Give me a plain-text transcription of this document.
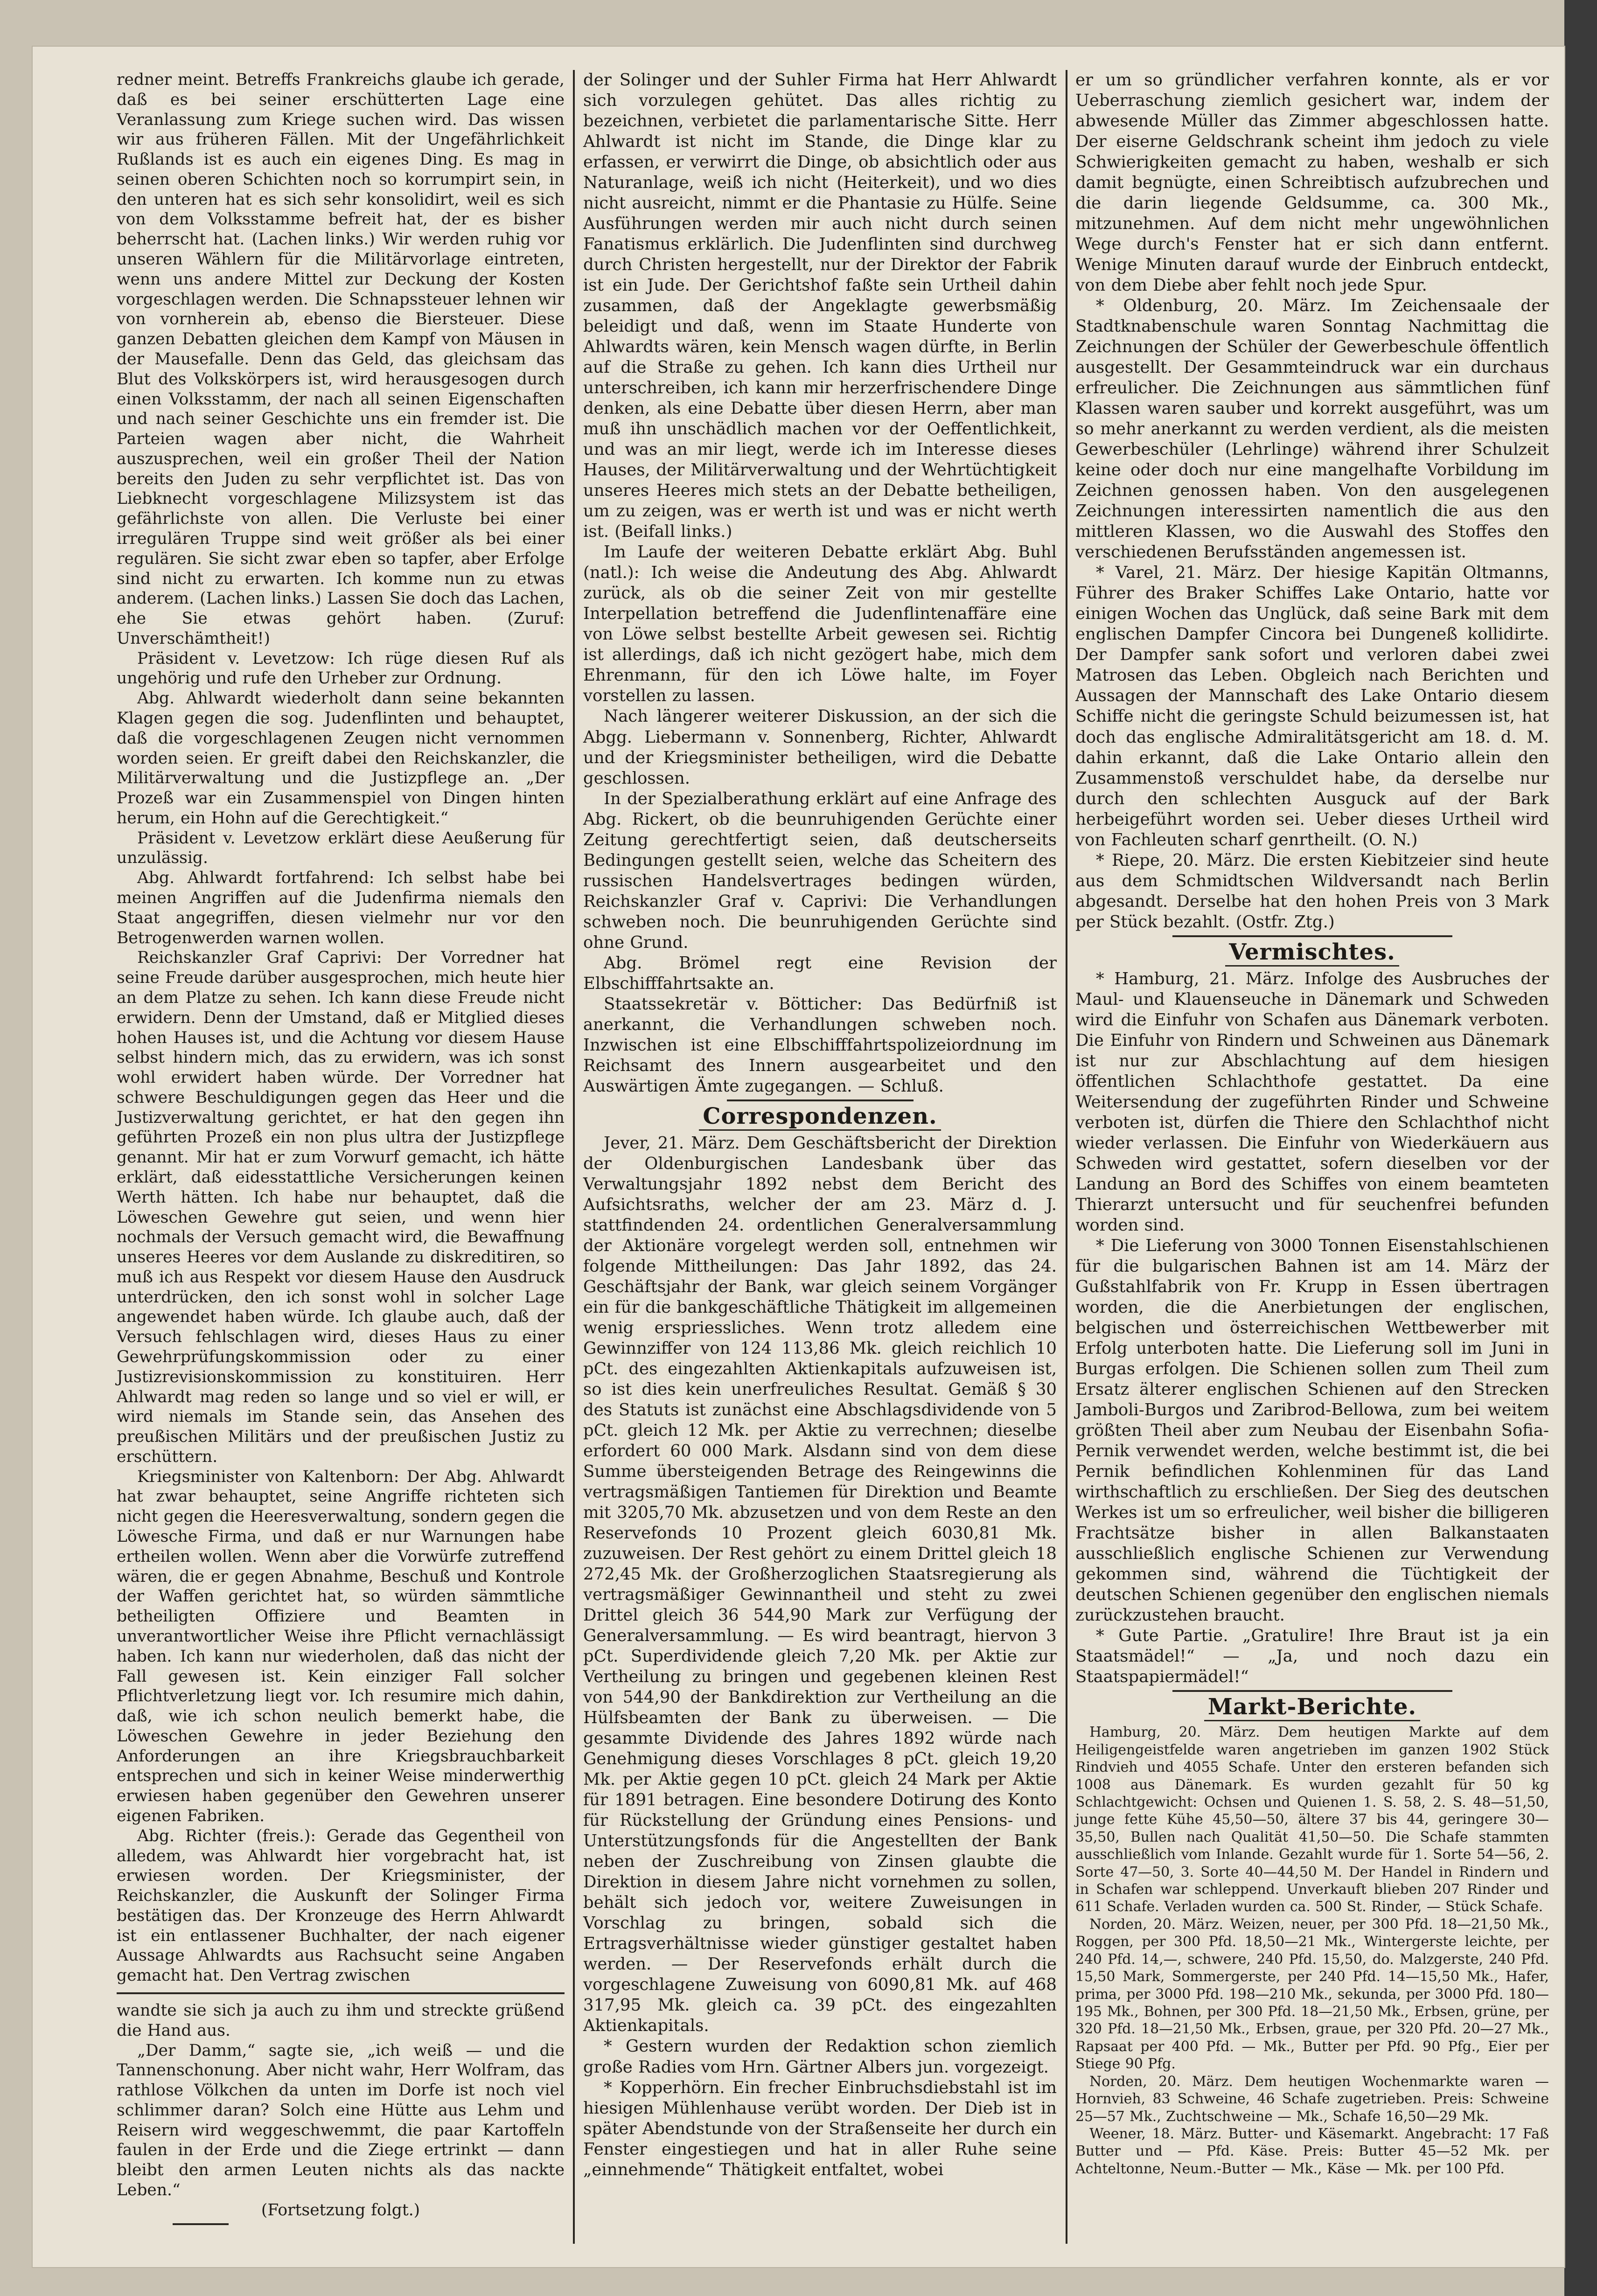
redner meint. Betreffs Frankreichs glaube ich gerade, daß es bei seiner erschütterten Lage eine Veranlassung zum Kriege suchen wird. Das wissen wir aus früheren Fällen. Mit der Ungefährlichkeit Rußlands ist es auch ein eigenes Ding. Es mag in seinen oberen Schichten noch so korrumpirt sein, in den unteren hat es sich sehr konsolidirt, weil es sich von dem Volksstamme befreit hat, der es bisher beherrscht hat. (Lachen links.) Wir werden ruhig vor unseren Wählern für die Militärvorlage eintreten, wenn uns andere Mittel zur Deckung der Kosten vorgeschlagen werden. Die Schnapssteuer lehnen wir von vornherein ab, ebenso die Biersteuer. Diese ganzen Debatten gleichen dem Kampf von Mäusen in der Mausefalle. Denn das Geld, das gleichsam das Blut des Volkskörpers ist, wird herausgesogen durch einen Volksstamm, der nach all seinen Eigenschaften und nach seiner Geschichte uns ein fremder ist. Die Parteien wagen aber nicht, die Wahrheit auszusprechen, weil ein großer Theil der Nation bereits den Juden zu sehr verpflichtet ist. Das von Liebknecht vorgeschlagene Milizsystem ist das gefährlichste von allen. Die Verluste bei einer irregulären Truppe sind weit größer als bei einer regulären. Sie sicht zwar eben so tapfer, aber Erfolge sind nicht zu erwarten. Ich komme nun zu etwas anderem. (Lachen links.) Lassen Sie doch das Lachen, ehe Sie etwas gehört haben. (Zuruf: Unverschämtheit!)

Präsident v. Levetzow: Ich rüge diesen Ruf als ungehörig und rufe den Urheber zur Ordnung.

Abg. Ahlwardt wiederholt dann seine bekannten Klagen gegen die sog. Judenflinten und behauptet, daß die vorgeschlagenen Zeugen nicht vernommen worden seien. Er greift dabei den Reichskanzler, die Militärverwaltung und die Justizpflege an. „Der Prozeß war ein Zusammenspiel von Dingen hinten herum, ein Hohn auf die Gerechtigkeit.“

Präsident v. Levetzow erklärt diese Aeußerung für unzulässig.

Abg. Ahlwardt fortfahrend: Ich selbst habe bei meinen Angriffen auf die Judenfirma niemals den Staat angegriffen, diesen vielmehr nur vor den Betrogenwerden warnen wollen.

Reichskanzler Graf Caprivi: Der Vorredner hat seine Freude darüber ausgesprochen, mich heute hier an dem Platze zu sehen. Ich kann diese Freude nicht erwidern. Denn der Umstand, daß er Mitglied dieses hohen Hauses ist, und die Achtung vor diesem Hause selbst hindern mich, das zu erwidern, was ich sonst wohl erwidert haben würde. Der Vorredner hat schwere Beschuldigungen gegen das Heer und die Justizverwaltung gerichtet, er hat den gegen ihn geführten Prozeß ein non plus ultra der Justizpflege genannt. Mir hat er zum Vorwurf gemacht, ich hätte erklärt, daß eidesstattliche Versicherungen keinen Werth hätten. Ich habe nur behauptet, daß die Löweschen Gewehre gut seien, und wenn hier nochmals der Versuch gemacht wird, die Bewaffnung unseres Heeres vor dem Auslande zu diskreditiren, so muß ich aus Respekt vor diesem Hause den Ausdruck unterdrücken, den ich sonst wohl in solcher Lage angewendet haben würde. Ich glaube auch, daß der Versuch fehlschlagen wird, dieses Haus zu einer Gewehrprüfungskommission oder zu einer Justizrevisionskommission zu konstituiren. Herr Ahlwardt mag reden so lange und so viel er will, er wird niemals im Stande sein, das Ansehen des preußischen Militärs und der preußischen Justiz zu erschüttern.

Kriegsminister von Kaltenborn: Der Abg. Ahlwardt hat zwar behauptet, seine Angriffe richteten sich nicht gegen die Heeresverwaltung, sondern gegen die Löwesche Firma, und daß er nur Warnungen habe ertheilen wollen. Wenn aber die Vorwürfe zutreffend wären, die er gegen Abnahme, Beschuß und Kontrole der Waffen gerichtet hat, so würden sämmtliche betheiligten Offiziere und Beamten in unverantwortlicher Weise ihre Pflicht vernachlässigt haben. Ich kann nur wiederholen, daß das nicht der Fall gewesen ist. Kein einziger Fall solcher Pflichtverletzung liegt vor. Ich resumire mich dahin, daß, wie ich schon neulich bemerkt habe, die Löweschen Gewehre in jeder Beziehung den Anforderungen an ihre Kriegsbrauchbarkeit entsprechen und sich in keiner Weise minderwerthig erwiesen haben gegenüber den Gewehren unserer eigenen Fabriken.

Abg. Richter (freis.): Gerade das Gegentheil von alledem, was Ahlwardt hier vorgebracht hat, ist erwiesen worden. Der Kriegsminister, der Reichskanzler, die Auskunft der Solinger Firma bestätigen das. Der Kronzeuge des Herrn Ahlwardt ist ein entlassener Buchhalter, der nach eigener Aussage Ahlwardts aus Rachsucht seine Angaben gemacht hat. Den Vertrag zwischen

wandte sie sich ja auch zu ihm und streckte grüßend die Hand aus.

„Der Damm,“ sagte sie, „ich weiß — und die Tannenschonung. Aber nicht wahr, Herr Wolfram, das rathlose Völkchen da unten im Dorfe ist noch viel schlimmer daran? Solch eine Hütte aus Lehm und Reisern wird weggeschwemmt, die paar Kartoffeln faulen in der Erde und die Ziege ertrinkt — dann bleibt den armen Leuten nichts als das nackte Leben.“

(Fortsetzung folgt.)

der Solinger und der Suhler Firma hat Herr Ahlwardt sich vorzulegen gehütet. Das alles richtig zu bezeichnen, verbietet die parlamentarische Sitte. Herr Ahlwardt ist nicht im Stande, die Dinge klar zu erfassen, er verwirrt die Dinge, ob absichtlich oder aus Naturanlage, weiß ich nicht (Heiterkeit), und wo dies nicht ausreicht, nimmt er die Phantasie zu Hülfe. Seine Ausführungen werden mir auch nicht durch seinen Fanatismus erklärlich. Die Judenflinten sind durchweg durch Christen hergestellt, nur der Direktor der Fabrik ist ein Jude. Der Gerichtshof faßte sein Urtheil dahin zusammen, daß der Angeklagte gewerbsmäßig beleidigt und daß, wenn im Staate Hunderte von Ahlwardts wären, kein Mensch wagen dürfte, in Berlin auf die Straße zu gehen. Ich kann dies Urtheil nur unterschreiben, ich kann mir herzerfrischendere Dinge denken, als eine Debatte über diesen Herrn, aber man muß ihn unschädlich machen vor der Oeffentlichkeit, und was an mir liegt, werde ich im Interesse dieses Hauses, der Militärverwaltung und der Wehrtüchtigkeit unseres Heeres mich stets an der Debatte betheiligen, um zu zeigen, was er werth ist und was er nicht werth ist. (Beifall links.)

Im Laufe der weiteren Debatte erklärt Abg. Buhl (natl.): Ich weise die Andeutung des Abg. Ahlwardt zurück, als ob die seiner Zeit von mir gestellte Interpellation betreffend die Judenflintenaffäre eine von Löwe selbst bestellte Arbeit gewesen sei. Richtig ist allerdings, daß ich nicht gezögert habe, mich dem Ehrenmann, für den ich Löwe halte, im Foyer vorstellen zu lassen.

Nach längerer weiterer Diskussion, an der sich die Abgg. Liebermann v. Sonnenberg, Richter, Ahlwardt und der Kriegsminister betheiligen, wird die Debatte geschlossen.

In der Spezialberathung erklärt auf eine Anfrage des Abg. Rickert, ob die beunruhigenden Gerüchte einer Zeitung gerechtfertigt seien, daß deutscherseits Bedingungen gestellt seien, welche das Scheitern des russischen Handelsvertrages bedingen würden, Reichskanzler Graf v. Caprivi: Die Verhandlungen schweben noch. Die beunruhigenden Gerüchte sind ohne Grund.

Abg. Brömel regt eine Revision der Elbschifffahrtsakte an.

Staatssekretär v. Bötticher: Das Bedürfniß ist anerkannt, die Verhandlungen schweben noch. Inzwischen ist eine Elbschifffahrtspolizeiordnung im Reichsamt des Innern ausgearbeitet und den Auswärtigen Ämte zugegangen. — Schluß.

Correspondenzen.

Jever, 21. März. Dem Geschäftsbericht der Direktion der Oldenburgischen Landesbank über das Verwaltungsjahr 1892 nebst dem Bericht des Aufsichtsraths, welcher der am 23. März d. J. stattfindenden 24. ordentlichen Generalversammlung der Aktionäre vorgelegt werden soll, entnehmen wir folgende Mittheilungen: Das Jahr 1892, das 24. Geschäftsjahr der Bank, war gleich seinem Vorgänger ein für die bankgeschäftliche Thätigkeit im allgemeinen wenig erspriessliches. Wenn trotz alledem eine Gewinnziffer von 124 113,86 Mk. gleich reichlich 10 pCt. des eingezahlten Aktienkapitals aufzuweisen ist, so ist dies kein unerfreuliches Resultat. Gemäß § 30 des Statuts ist zunächst eine Abschlagsdividende von 5 pCt. gleich 12 Mk. per Aktie zu verrechnen; dieselbe erfordert 60 000 Mark. Alsdann sind von dem diese Summe übersteigenden Betrage des Reingewinns die vertragsmäßigen Tantiemen für Direktion und Beamte mit 3205,70 Mk. abzusetzen und von dem Reste an den Reservefonds 10 Prozent gleich 6030,81 Mk. zuzuweisen. Der Rest gehört zu einem Drittel gleich 18 272,45 Mk. der Großherzoglichen Staatsregierung als vertragsmäßiger Gewinnantheil und steht zu zwei Drittel gleich 36 544,90 Mark zur Verfügung der Generalversammlung. — Es wird beantragt, hiervon 3 pCt. Superdividende gleich 7,20 Mk. per Aktie zur Vertheilung zu bringen und gegebenen kleinen Rest von 544,90 der Bankdirektion zur Vertheilung an die Hülfsbeamten der Bank zu überweisen. — Die gesammte Dividende des Jahres 1892 würde nach Genehmigung dieses Vorschlages 8 pCt. gleich 19,20 Mk. per Aktie gegen 10 pCt. gleich 24 Mark per Aktie für 1891 betragen. Eine besondere Dotirung des Konto für Rückstellung der Gründung eines Pensions- und Unterstützungsfonds für die Angestellten der Bank neben der Zuschreibung von Zinsen glaubte die Direktion in diesem Jahre nicht vornehmen zu sollen, behält sich jedoch vor, weitere Zuweisungen in Vorschlag zu bringen, sobald sich die Ertragsverhältnisse wieder günstiger gestaltet haben werden. — Der Reservefonds erhält durch die vorgeschlagene Zuweisung von 6090,81 Mk. auf 468 317,95 Mk. gleich ca. 39 pCt. des eingezahlten Aktienkapitals.

* Gestern wurden der Redaktion schon ziemlich große Radies vom Hrn. Gärtner Albers jun. vorgezeigt.

* Kopperhörn. Ein frecher Einbruchsdiebstahl ist im hiesigen Mühlenhause verübt worden. Der Dieb ist in später Abendstunde von der Straßenseite her durch ein Fenster eingestiegen und hat in aller Ruhe seine „einnehmende“ Thätigkeit entfaltet, wobei

er um so gründlicher verfahren konnte, als er vor Ueberraschung ziemlich gesichert war, indem der abwesende Müller das Zimmer abgeschlossen hatte. Der eiserne Geldschrank scheint ihm jedoch zu viele Schwierigkeiten gemacht zu haben, weshalb er sich damit begnügte, einen Schreibtisch aufzubrechen und die darin liegende Geldsumme, ca. 300 Mk., mitzunehmen. Auf dem nicht mehr ungewöhnlichen Wege durch's Fenster hat er sich dann entfernt. Wenige Minuten darauf wurde der Einbruch entdeckt, von dem Diebe aber fehlt noch jede Spur.

* Oldenburg, 20. März. Im Zeichensaale der Stadtknabenschule waren Sonntag Nachmittag die Zeichnungen der Schüler der Gewerbeschule öffentlich ausgestellt. Der Gesammteindruck war ein durchaus erfreulicher. Die Zeichnungen aus sämmtlichen fünf Klassen waren sauber und korrekt ausgeführt, was um so mehr anerkannt zu werden verdient, als die meisten Gewerbeschüler (Lehrlinge) während ihrer Schulzeit keine oder doch nur eine mangelhafte Vorbildung im Zeichnen genossen haben. Von den ausgelegenen Zeichnungen interessirten namentlich die aus den mittleren Klassen, wo die Auswahl des Stoffes den verschiedenen Berufsständen angemessen ist.

* Varel, 21. März. Der hiesige Kapitän Oltmanns, Führer des Braker Schiffes Lake Ontario, hatte vor einigen Wochen das Unglück, daß seine Bark mit dem englischen Dampfer Cincora bei Dungeneß kollidirte. Der Dampfer sank sofort und verloren dabei zwei Matrosen das Leben. Obgleich nach Berichten und Aussagen der Mannschaft des Lake Ontario diesem Schiffe nicht die geringste Schuld beizumessen ist, hat doch das englische Admiralitätsgericht am 18. d. M. dahin erkannt, daß die Lake Ontario allein den Zusammenstoß verschuldet habe, da derselbe nur durch den schlechten Ausguck auf der Bark herbeigeführt worden sei. Ueber dieses Urtheil wird von Fachleuten scharf genrtheilt. (O. N.)

* Riepe, 20. März. Die ersten Kiebitzeier sind heute aus dem Schmidtschen Wildversandt nach Berlin abgesandt. Derselbe hat den hohen Preis von 3 Mark per Stück bezahlt. (Ostfr. Ztg.)

Vermischtes.

* Hamburg, 21. März. Infolge des Ausbruches der Maul- und Klauenseuche in Dänemark und Schweden wird die Einfuhr von Schafen aus Dänemark verboten. Die Einfuhr von Rindern und Schweinen aus Dänemark ist nur zur Abschlachtung auf dem hiesigen öffentlichen Schlachthofe gestattet. Da eine Weitersendung der zugeführten Rinder und Schweine verboten ist, dürfen die Thiere den Schlachthof nicht wieder verlassen. Die Einfuhr von Wiederkäuern aus Schweden wird gestattet, sofern dieselben vor der Landung an Bord des Schiffes von einem beamteten Thierarzt untersucht und für seuchenfrei befunden worden sind.

* Die Lieferung von 3000 Tonnen Eisenstahlschienen für die bulgarischen Bahnen ist am 14. März der Gußstahlfabrik von Fr. Krupp in Essen übertragen worden, die die Anerbietungen der englischen, belgischen und österreichischen Wettbewerber mit Erfolg unterboten hatte. Die Lieferung soll im Juni in Burgas erfolgen. Die Schienen sollen zum Theil zum Ersatz älterer englischen Schienen auf den Strecken Jamboli-Burgos und Zaribrod-Bellowa, zum bei weitem größten Theil aber zum Neubau der Eisenbahn Sofia-Pernik verwendet werden, welche bestimmt ist, die bei Pernik befindlichen Kohlenminen für das Land wirthschaftlich zu erschließen. Der Sieg des deutschen Werkes ist um so erfreulicher, weil bisher die billigeren Frachtsätze bisher in allen Balkanstaaten ausschließlich englische Schienen zur Verwendung gekommen sind, während die Tüchtigkeit der deutschen Schienen gegenüber den englischen niemals zurückzustehen braucht.

* Gute Partie. „Gratulire! Ihre Braut ist ja ein Staatsmädel!“ — „Ja, und noch dazu ein Staatspapiermädel!“

Markt-Berichte.

Hamburg, 20. März. Dem heutigen Markte auf dem Heiligengeistfelde waren angetrieben im ganzen 1902 Stück Rindvieh und 4055 Schafe. Unter den ersteren befanden sich 1008 aus Dänemark. Es wurden gezahlt für 50 kg Schlachtgewicht: Ochsen und Quienen 1. S. 58, 2. S. 48—51,50, junge fette Kühe 45,50—50, ältere 37 bis 44, geringere 30—35,50, Bullen nach Qualität 41,50—50. Die Schafe stammten ausschließlich vom Inlande. Gezahlt wurde für 1. Sorte 54—56, 2. Sorte 47—50, 3. Sorte 40—44,50 M. Der Handel in Rindern und in Schafen war schleppend. Unverkauft blieben 207 Rinder und 611 Schafe. Verladen wurden ca. 500 St. Rinder, — Stück Schafe.

Norden, 20. März. Weizen, neuer, per 300 Pfd. 18—21,50 Mk., Roggen, per 300 Pfd. 18,50—21 Mk., Wintergerste leichte, per 240 Pfd. 14,—, schwere, 240 Pfd. 15,50, do. Malzgerste, 240 Pfd. 15,50 Mark, Sommergerste, per 240 Pfd. 14—15,50 Mk., Hafer, prima, per 3000 Pfd. 198—210 Mk., sekunda, per 3000 Pfd. 180—195 Mk., Bohnen, per 300 Pfd. 18—21,50 Mk., Erbsen, grüne, per 320 Pfd. 18—21,50 Mk., Erbsen, graue, per 320 Pfd. 20—27 Mk., Rapsaat per 400 Pfd. — Mk., Butter per Pfd. 90 Pfg., Eier per Stiege 90 Pfg.

Norden, 20. März. Dem heutigen Wochenmarkte waren — Hornvieh, 83 Schweine, 46 Schafe zugetrieben. Preis: Schweine 25—57 Mk., Zuchtschweine — Mk., Schafe 16,50—29 Mk.

Weener, 18. März. Butter- und Käsemarkt. Angebracht: 17 Faß Butter und — Pfd. Käse. Preis: Butter 45—52 Mk. per Achteltonne, Neum.-Butter — Mk., Käse — Mk. per 100 Pfd.
